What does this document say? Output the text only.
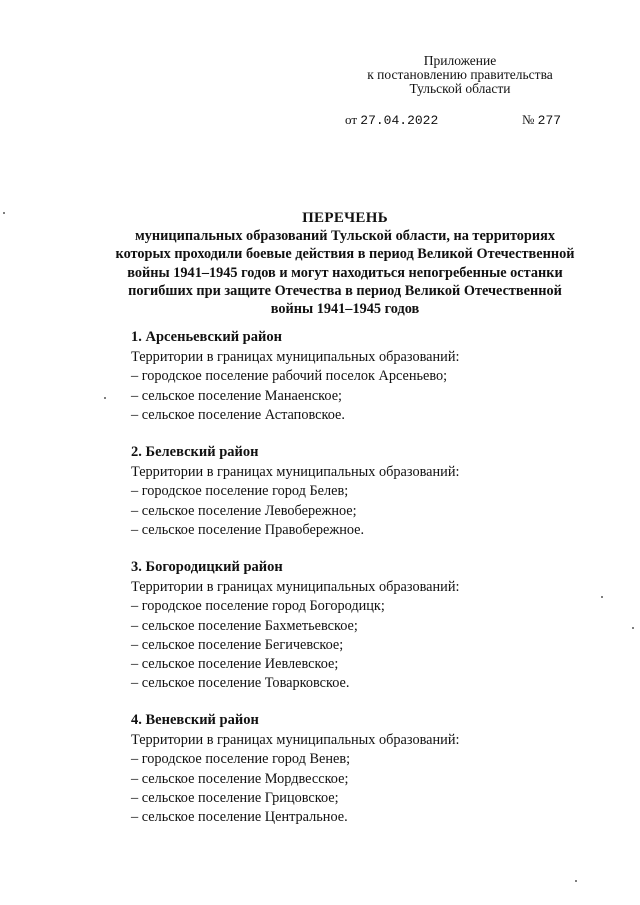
Приложение
к постановлению правительства
Тульской области
от 27.04.2022	№ 277
ПЕРЕЧЕНЬ
муниципальных образований Тульской области, на территориях
которых проходили боевые действия в период Великой Отечественной
войны 1941–1945 годов и могут находиться непогребенные останки
погибших при защите Отечества в период Великой Отечественной
войны 1941–1945 годов
1. Арсеньевский район
Территории в границах муниципальных образований:
– городское поселение рабочий поселок Арсеньево;
– сельское поселение Манаенское;
– сельское поселение Астаповское.
2. Белевский район
Территории в границах муниципальных образований:
– городское поселение город Белев;
– сельское поселение Левобережное;
– сельское поселение Правобережное.
3. Богородицкий район
Территории в границах муниципальных образований:
– городское поселение город Богородицк;
– сельское поселение Бахметьевское;
– сельское поселение Бегичевское;
– сельское поселение Иевлевское;
– сельское поселение Товарковское.
4. Веневский район
Территории в границах муниципальных образований:
– городское поселение город Венев;
– сельское поселение Мордвесское;
– сельское поселение Грицовское;
– сельское поселение Центральное.
